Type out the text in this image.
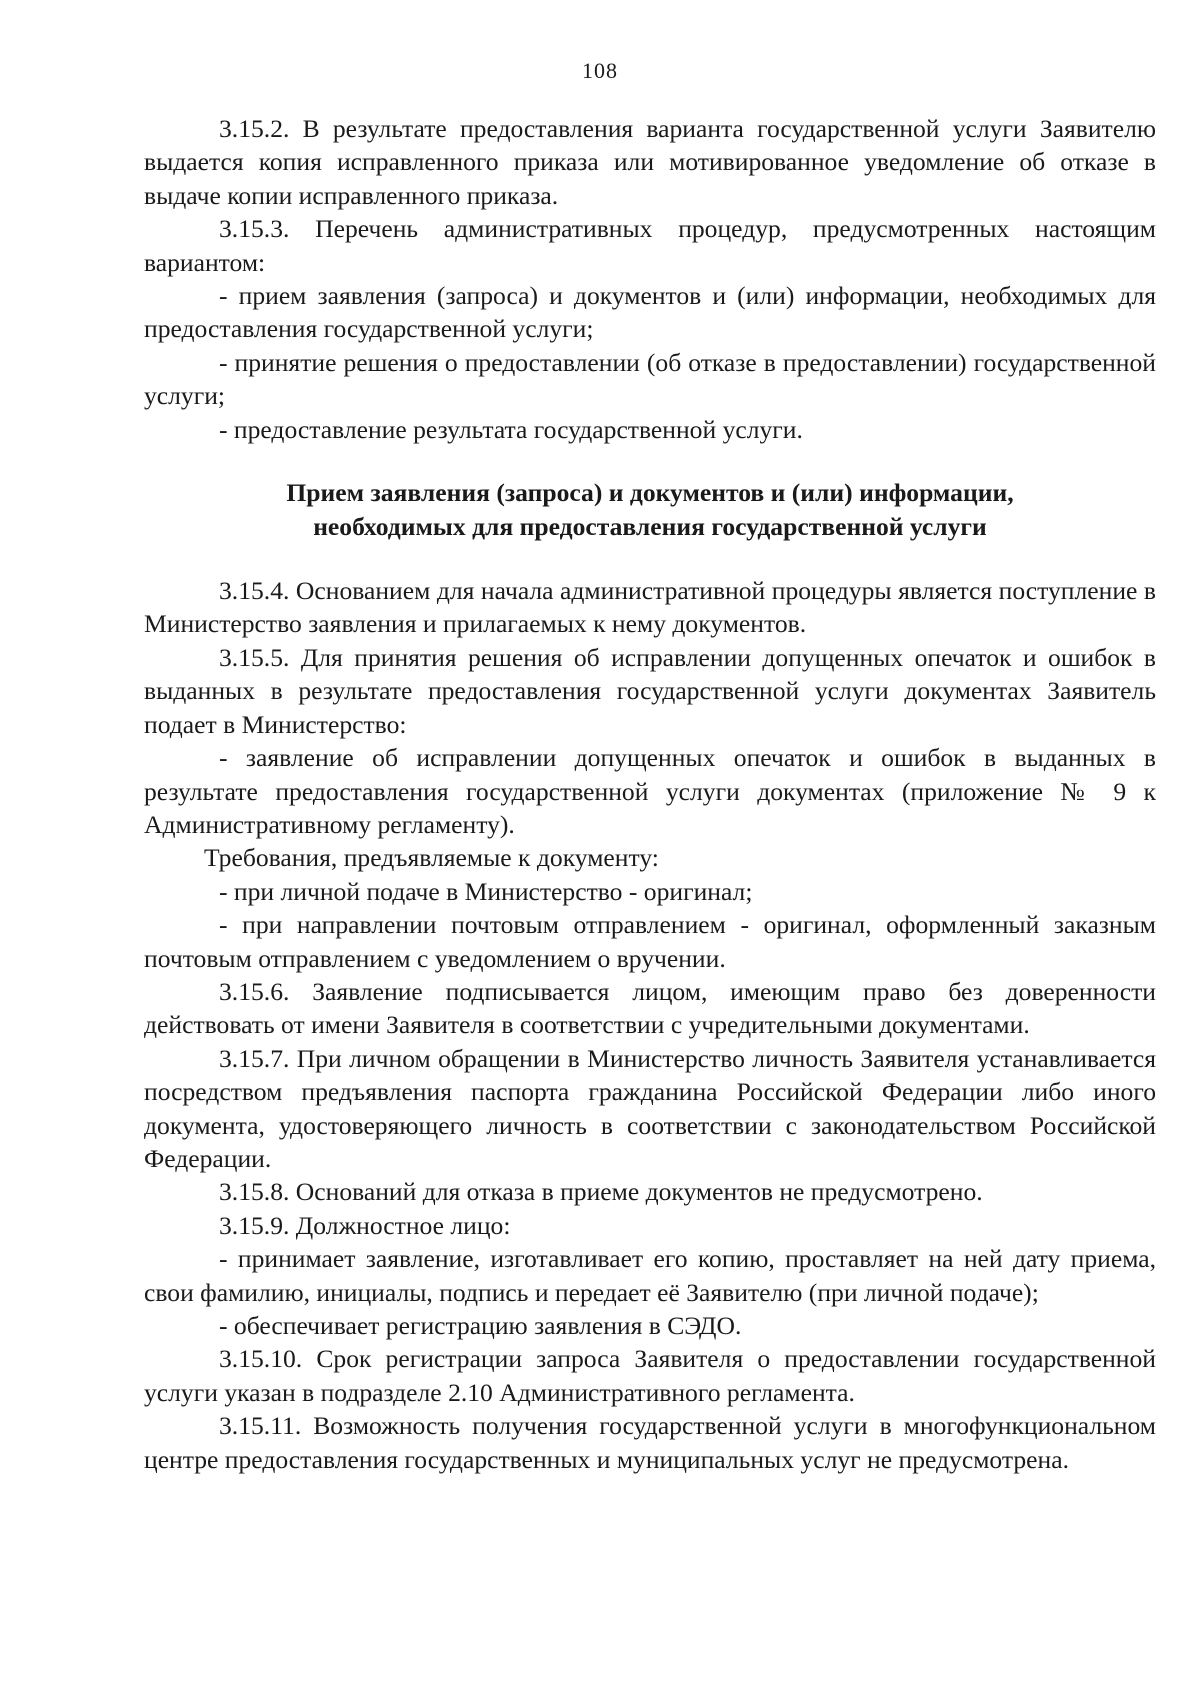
108

3.15.2. В результате предоставления варианта государственной услуги Заявителю выдается копия исправленного приказа или мотивированное уведомление об отказе в выдаче копии исправленного приказа.

3.15.3. Перечень административных процедур, предусмотренных настоящим вариантом:

- прием заявления (запроса) и документов и (или) информации, необходимых для предоставления государственной услуги;

- принятие решения о предоставлении (об отказе в предоставлении) государственной услуги;

- предоставление результата государственной услуги.

Прием заявления (запроса) и документов и (или) информации,
необходимых для предоставления государственной услуги

3.15.4. Основанием для начала административной процедуры является поступление в Министерство заявления и прилагаемых к нему документов.

3.15.5. Для принятия решения об исправлении допущенных опечаток и ошибок в выданных в результате предоставления государственной услуги документах Заявитель подает в Министерство:

- заявление об исправлении допущенных опечаток и ошибок в выданных в результате предоставления государственной услуги документах (приложение № 9 к Административному регламенту).

Требования, предъявляемые к документу:

- при личной подаче в Министерство - оригинал;

- при направлении почтовым отправлением - оригинал, оформленный заказным почтовым отправлением с уведомлением о вручении.

3.15.6. Заявление подписывается лицом, имеющим право без доверенности действовать от имени Заявителя в соответствии с учредительными документами.

3.15.7. При личном обращении в Министерство личность Заявителя устанавливается посредством предъявления паспорта гражданина Российской Федерации либо иного документа, удостоверяющего личность в соответствии с законодательством Российской Федерации.

3.15.8. Оснований для отказа в приеме документов не предусмотрено.

3.15.9. Должностное лицо:

- принимает заявление, изготавливает его копию, проставляет на ней дату приема, свои фамилию, инициалы, подпись и передает её Заявителю (при личной подаче);

- обеспечивает регистрацию заявления в СЭДО.

3.15.10. Срок регистрации запроса Заявителя о предоставлении государственной услуги указан в подразделе 2.10 Административного регламента.

3.15.11. Возможность получения государственной услуги в многофункциональном центре предоставления государственных и муниципальных услуг не предусмотрена.
